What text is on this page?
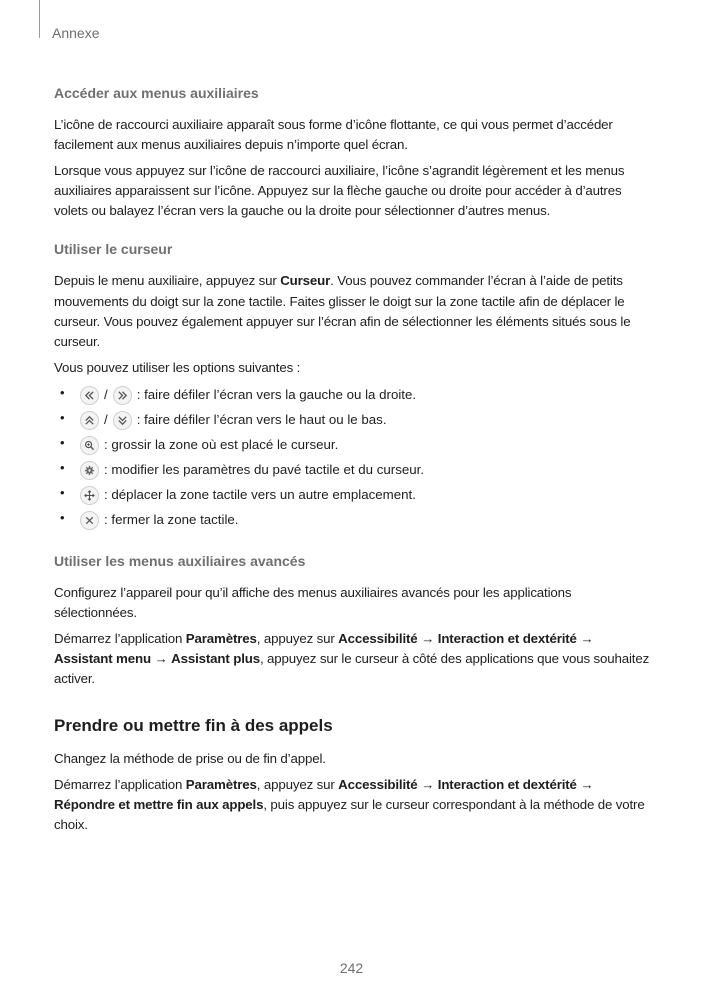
Annexe
Accéder aux menus auxiliaires

L’icône de raccourci auxiliaire apparaît sous forme d’icône flottante, ce qui vous permet d’accéder facilement aux menus auxiliaires depuis n’importe quel écran.

Lorsque vous appuyez sur l’icône de raccourci auxiliaire, l’icône s’agrandit légèrement et les menus auxiliaires apparaissent sur l’icône. Appuyez sur la flèche gauche ou droite pour accéder à d’autres volets ou balayez l’écran vers la gauche ou la droite pour sélectionner d’autres menus.

Utiliser le curseur

Depuis le menu auxiliaire, appuyez sur Curseur. Vous pouvez commander l’écran à l’aide de petits mouvements du doigt sur la zone tactile. Faites glisser le doigt sur la zone tactile afin de déplacer le curseur. Vous pouvez également appuyer sur l’écran afin de sélectionner les éléments situés sous le curseur.

Vous pouvez utiliser les options suivantes :

•	/ : faire défiler l’écran vers la gauche ou la droite.
•	/ : faire défiler l’écran vers le haut ou le bas.
•	: grossir la zone où est placé le curseur.
•	: modifier les paramètres du pavé tactile et du curseur.
•	: déplacer la zone tactile vers un autre emplacement.
•	: fermer la zone tactile.
Utiliser les menus auxiliaires avancés

Configurez l’appareil pour qu’il affiche des menus auxiliaires avancés pour les applications sélectionnées.

Démarrez l’application Paramètres, appuyez sur Accessibilité → Interaction et dextérité → Assistant menu → Assistant plus, appuyez sur le curseur à côté des applications que vous souhaitez activer.

Prendre ou mettre fin à des appels

Changez la méthode de prise ou de fin d’appel.

Démarrez l’application Paramètres, appuyez sur Accessibilité → Interaction et dextérité → Répondre et mettre fin aux appels, puis appuyez sur le curseur correspondant à la méthode de votre choix.

242
